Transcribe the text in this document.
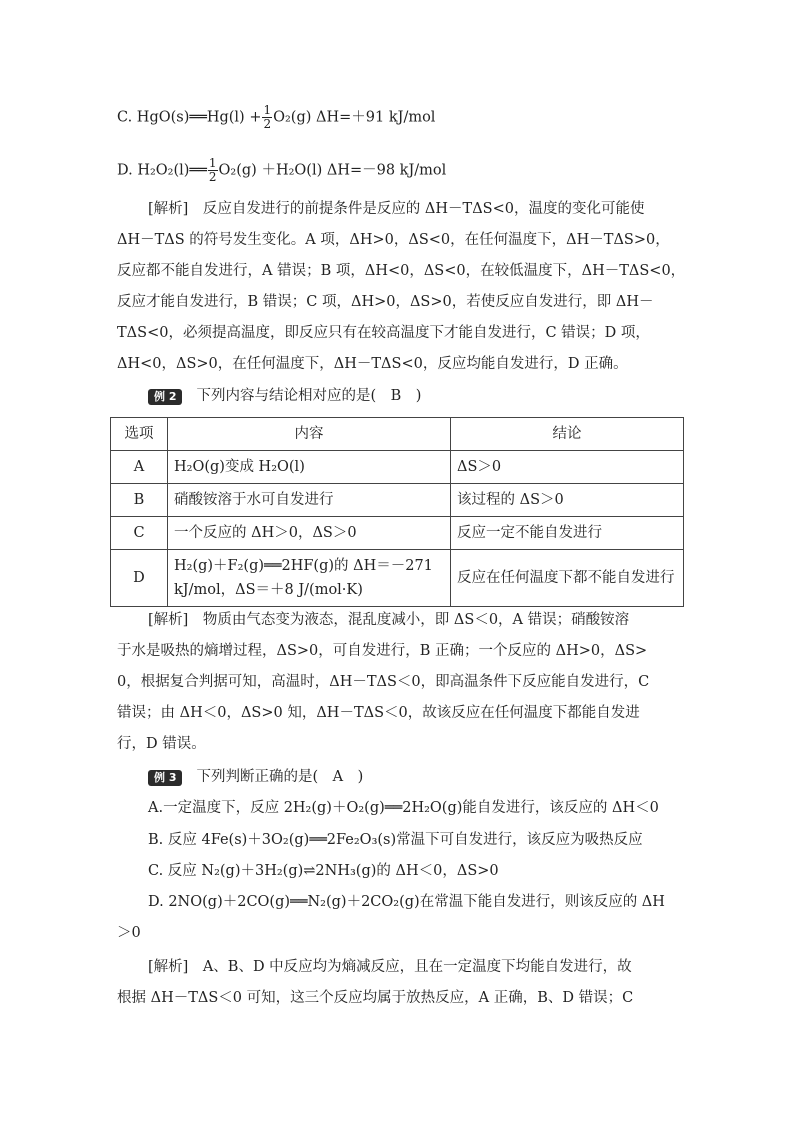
C. HgO(s)══Hg(l) + $\frac{1}{2} O_2(g)$ ΔH=＋91 kJ/mol
D. H₂O₂(l)══ $\frac{1}{2} O_2(g) +H_2O(l)$ ΔH=－98 kJ/mol
[解析]　反应自发进行的前提条件是反应的 ΔH－TΔS<0，温度的变化可能使
ΔH－TΔS 的符号发生变化。A 项，ΔH>0，ΔS<0，在任何温度下，ΔH－TΔS>0，
反应都不能自发进行，A 错误；B 项，ΔH<0，ΔS<0，在较低温度下，ΔH－TΔS<0，
反应才能自发进行，B 错误；C 项，ΔH>0，ΔS>0，若使反应自发进行，即 ΔH－
TΔS<0，必须提高温度，即反应只有在较高温度下才能自发进行，C 错误；D 项，
ΔH<0，ΔS>0，在任何温度下，ΔH－TΔS<0，反应均能自发进行，D 正确。
例 2 下列内容与结论相对应的是(　B　)
选项	内容	结论
A	H₂O(g)变成 H₂O(l)	ΔS＞0
B	硝酸铵溶于水可自发进行	该过程的 ΔS＞0
C	一个反应的 ΔH＞0，ΔS＞0	反应一定不能自发进行
D	H₂(g)＋F₂(g)══2HF(g)的 ΔH＝－271 kJ/mol，ΔS＝＋8 J/(mol·K)	反应在任何温度下都不能自发进行
[解析]　物质由气态变为液态，混乱度减小，即 ΔS＜0，A 错误；硝酸铵溶
于水是吸热的熵增过程，ΔS>0，可自发进行，B 正确；一个反应的 ΔH>0，ΔS>
0，根据复合判据可知，高温时，ΔH－TΔS＜0，即高温条件下反应能自发进行，C
错误；由 ΔH＜0，ΔS>0 知，ΔH－TΔS＜0，故该反应在任何温度下都能自发进
行，D 错误。
例 3 下列判断正确的是(　A　)
A.一定温度下，反应 2H₂(g)＋O₂(g)══2H₂O(g)能自发进行，该反应的 ΔH＜0
B. 反应 4Fe(s)＋3O₂(g)══2Fe₂O₃(s)常温下可自发进行，该反应为吸热反应
C. 反应 N₂(g)＋3H₂(g)⇌2NH₃(g)的 ΔH＜0，ΔS>0
D. 2NO(g)＋2CO(g)══N₂(g)＋2CO₂(g)在常温下能自发进行，则该反应的 ΔH
＞0
[解析]　A、B、D 中反应均为熵减反应，且在一定温度下均能自发进行，故
根据 ΔH－TΔS＜0 可知，这三个反应均属于放热反应，A 正确，B、D 错误；C
